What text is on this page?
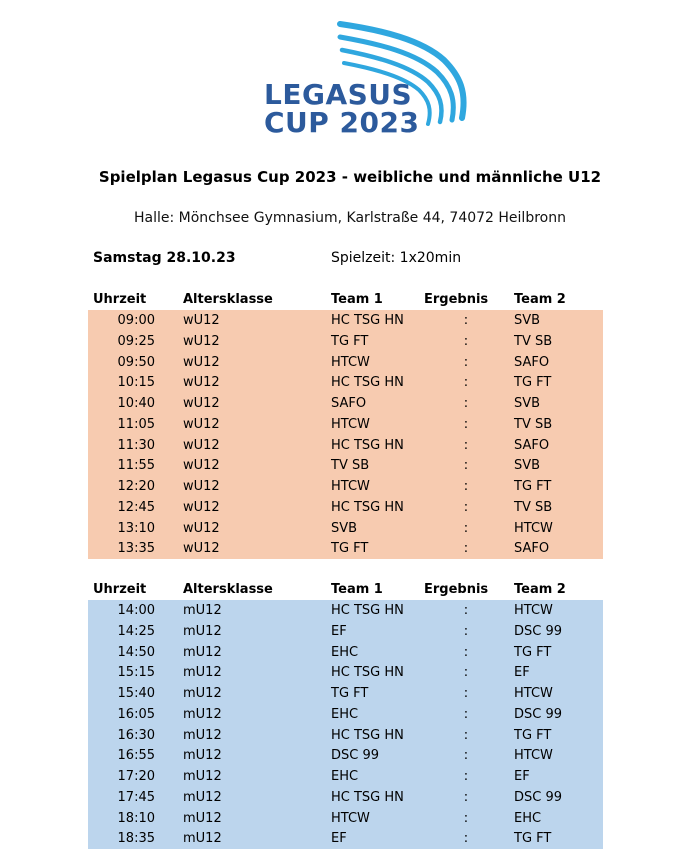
LEGASUS
CUP 2023
Spielplan Legasus Cup 2023 - weibliche und männliche U12
Halle: Mönchsee Gymnasium, Karlstraße 44, 74072 Heilbronn
Samstag 28.10.23	Spielzeit: 1x20min
Uhrzeit	Altersklasse	Team 1	Ergebnis Team 2
09:00 wU12	HC TSG HN	:	SVB
09:25 wU12	TG FT	:	TV SB
09:50 wU12	HTCW	:	SAFO
10:15 wU12	HC TSG HN	:	TG FT
10:40 wU12	SAFO	:	SVB
11:05 wU12	HTCW	:	TV SB
11:30 wU12	HC TSG HN	:	SAFO
11:55 wU12	TV SB	:	SVB
12:20 wU12	HTCW	:	TG FT
12:45 wU12	HC TSG HN	:	TV SB
13:10 wU12	SVB	:	HTCW
13:35 wU12	TG FT	:	SAFO
Uhrzeit	Altersklasse	Team 1	Ergebnis Team 2
14:00 mU12	HC TSG HN	:	HTCW
14:25 mU12	EF	:	DSC 99
14:50 mU12	EHC	:	TG FT
15:15 mU12	HC TSG HN	:	EF
15:40 mU12	TG FT	:	HTCW
16:05 mU12	EHC	:	DSC 99
16:30 mU12	HC TSG HN	:	TG FT
16:55 mU12	DSC 99	:	HTCW
17:20 mU12	EHC	:	EF
17:45 mU12	HC TSG HN	:	DSC 99
18:10 mU12	HTCW	:	EHC
18:35 mU12	EF	:	TG FT
